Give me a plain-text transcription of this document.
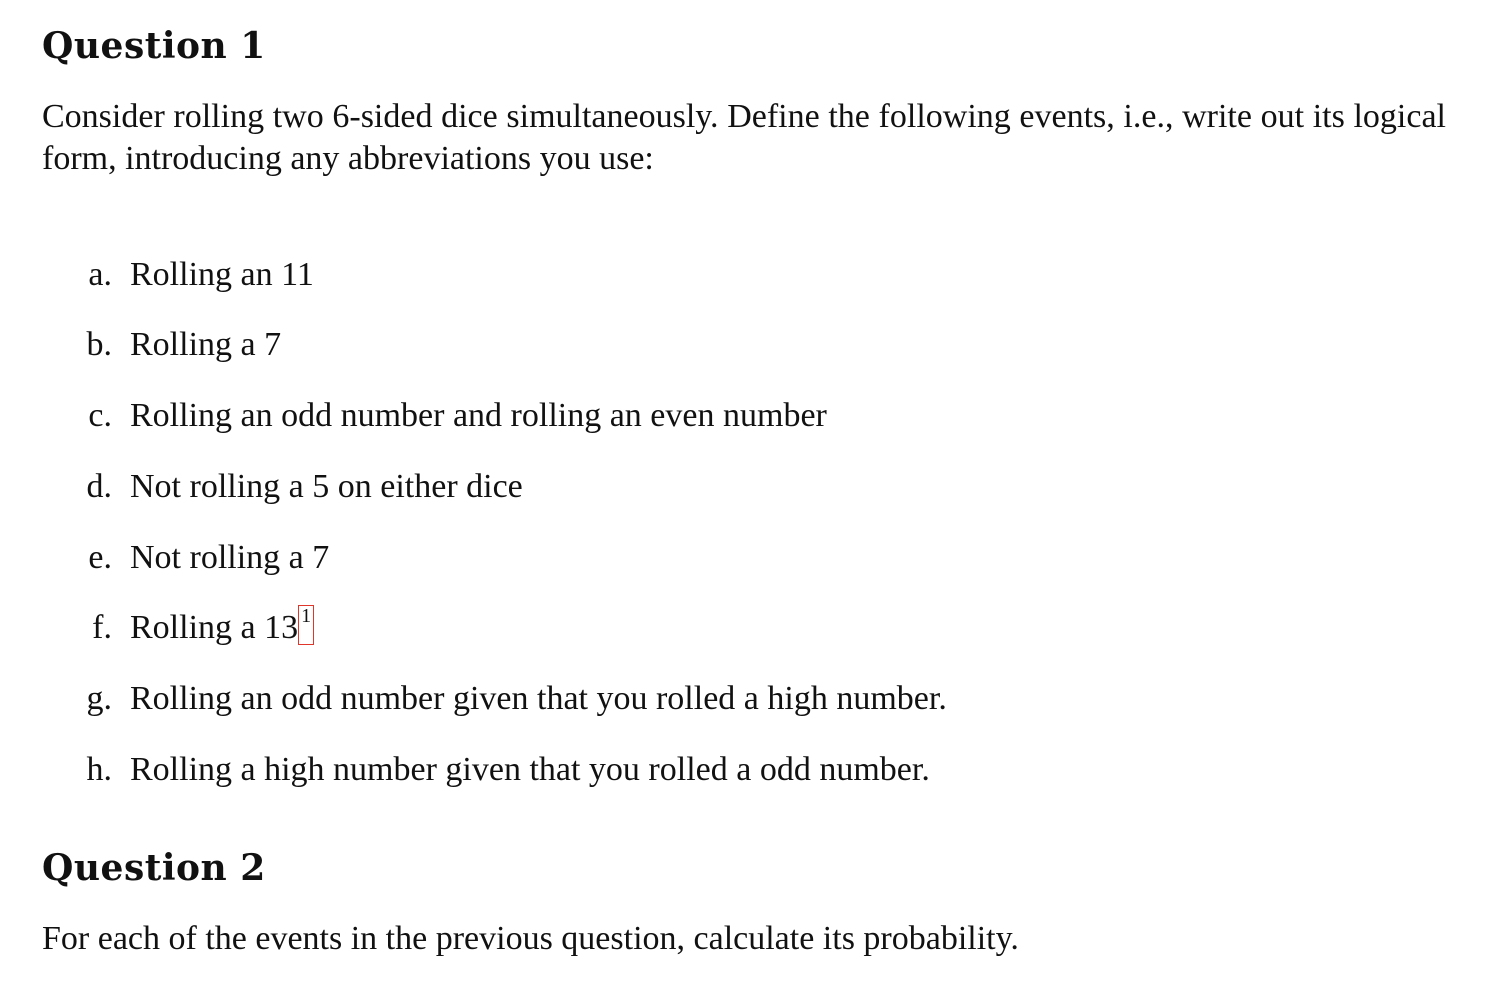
Question 1

Consider rolling two 6-sided dice simultaneously. Define the following events, i.e., write out its logical form, introducing any abbreviations you use:

a. Rolling an 11
b. Rolling a 7
c. Rolling an odd number and rolling an even number
d. Not rolling a 5 on either dice
e. Not rolling a 7
f. Rolling a 13 1
g. Rolling an odd number given that you rolled a high number.
h. Rolling a high number given that you rolled a odd number.
Question 2

For each of the events in the previous question, calculate its probability.
